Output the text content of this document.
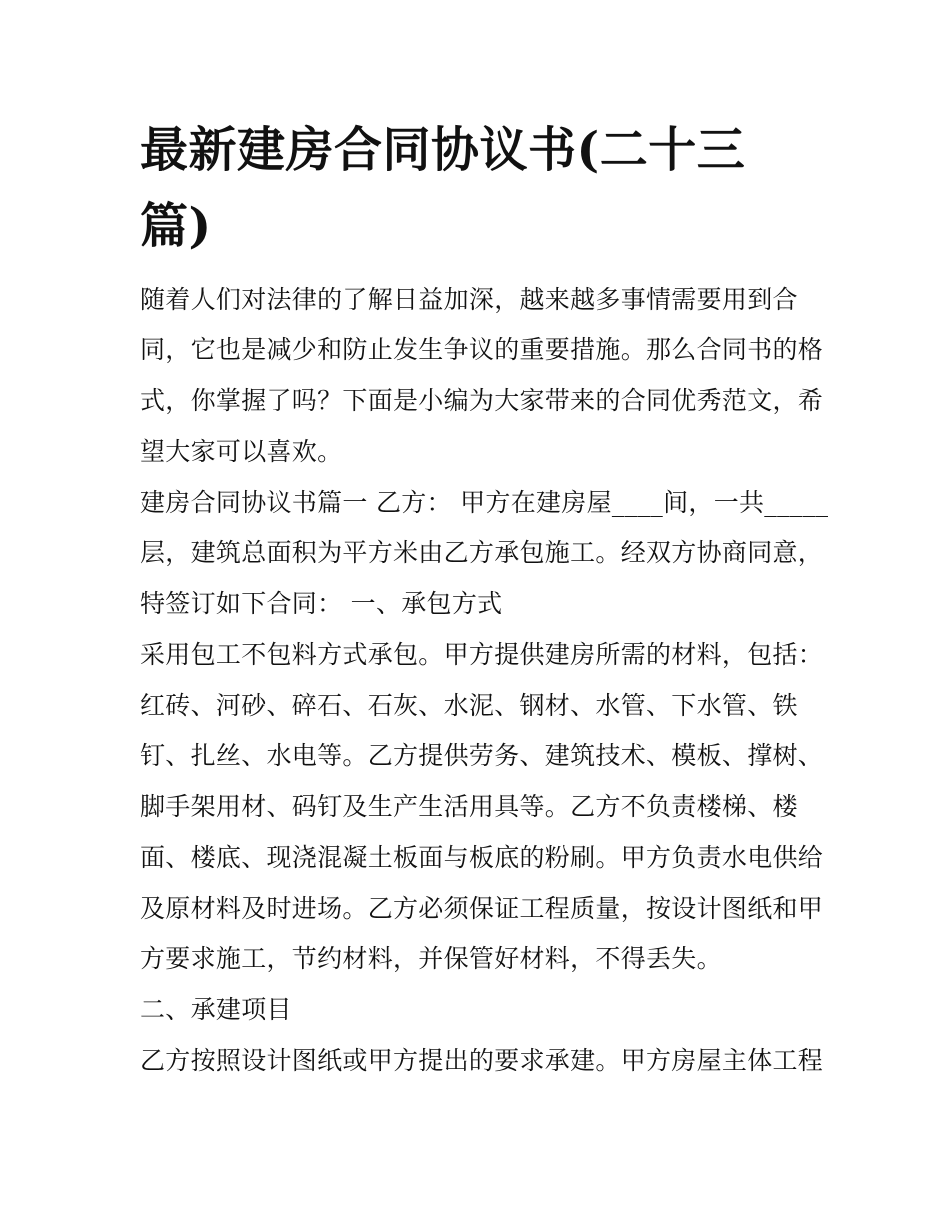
最新建房合同协议书(二十三
篇)

随着人们对法律的了解日益加深，越来越多事情需要用到合

同，它也是减少和防止发生争议的重要措施。那么合同书的格

式，你掌握了吗？下面是小编为大家带来的合同优秀范文，希

望大家可以喜欢。

建房合同协议书篇一 乙方： 甲方在建房屋____间，一共_____

层，建筑总面积为平方米由乙方承包施工。经双方协商同意，

特签订如下合同： 一、承包方式

采用包工不包料方式承包。甲方提供建房所需的材料，包括：

红砖、河砂、碎石、石灰、水泥、钢材、水管、下水管、铁

钉、扎丝、水电等。乙方提供劳务、建筑技术、模板、撑树、

脚手架用材、码钉及生产生活用具等。乙方不负责楼梯、楼

面、楼底、现浇混凝土板面与板底的粉刷。甲方负责水电供给

及原材料及时进场。乙方必须保证工程质量，按设计图纸和甲

方要求施工，节约材料，并保管好材料，不得丢失。

二、承建项目

乙方按照设计图纸或甲方提出的要求承建。甲方房屋主体工程
